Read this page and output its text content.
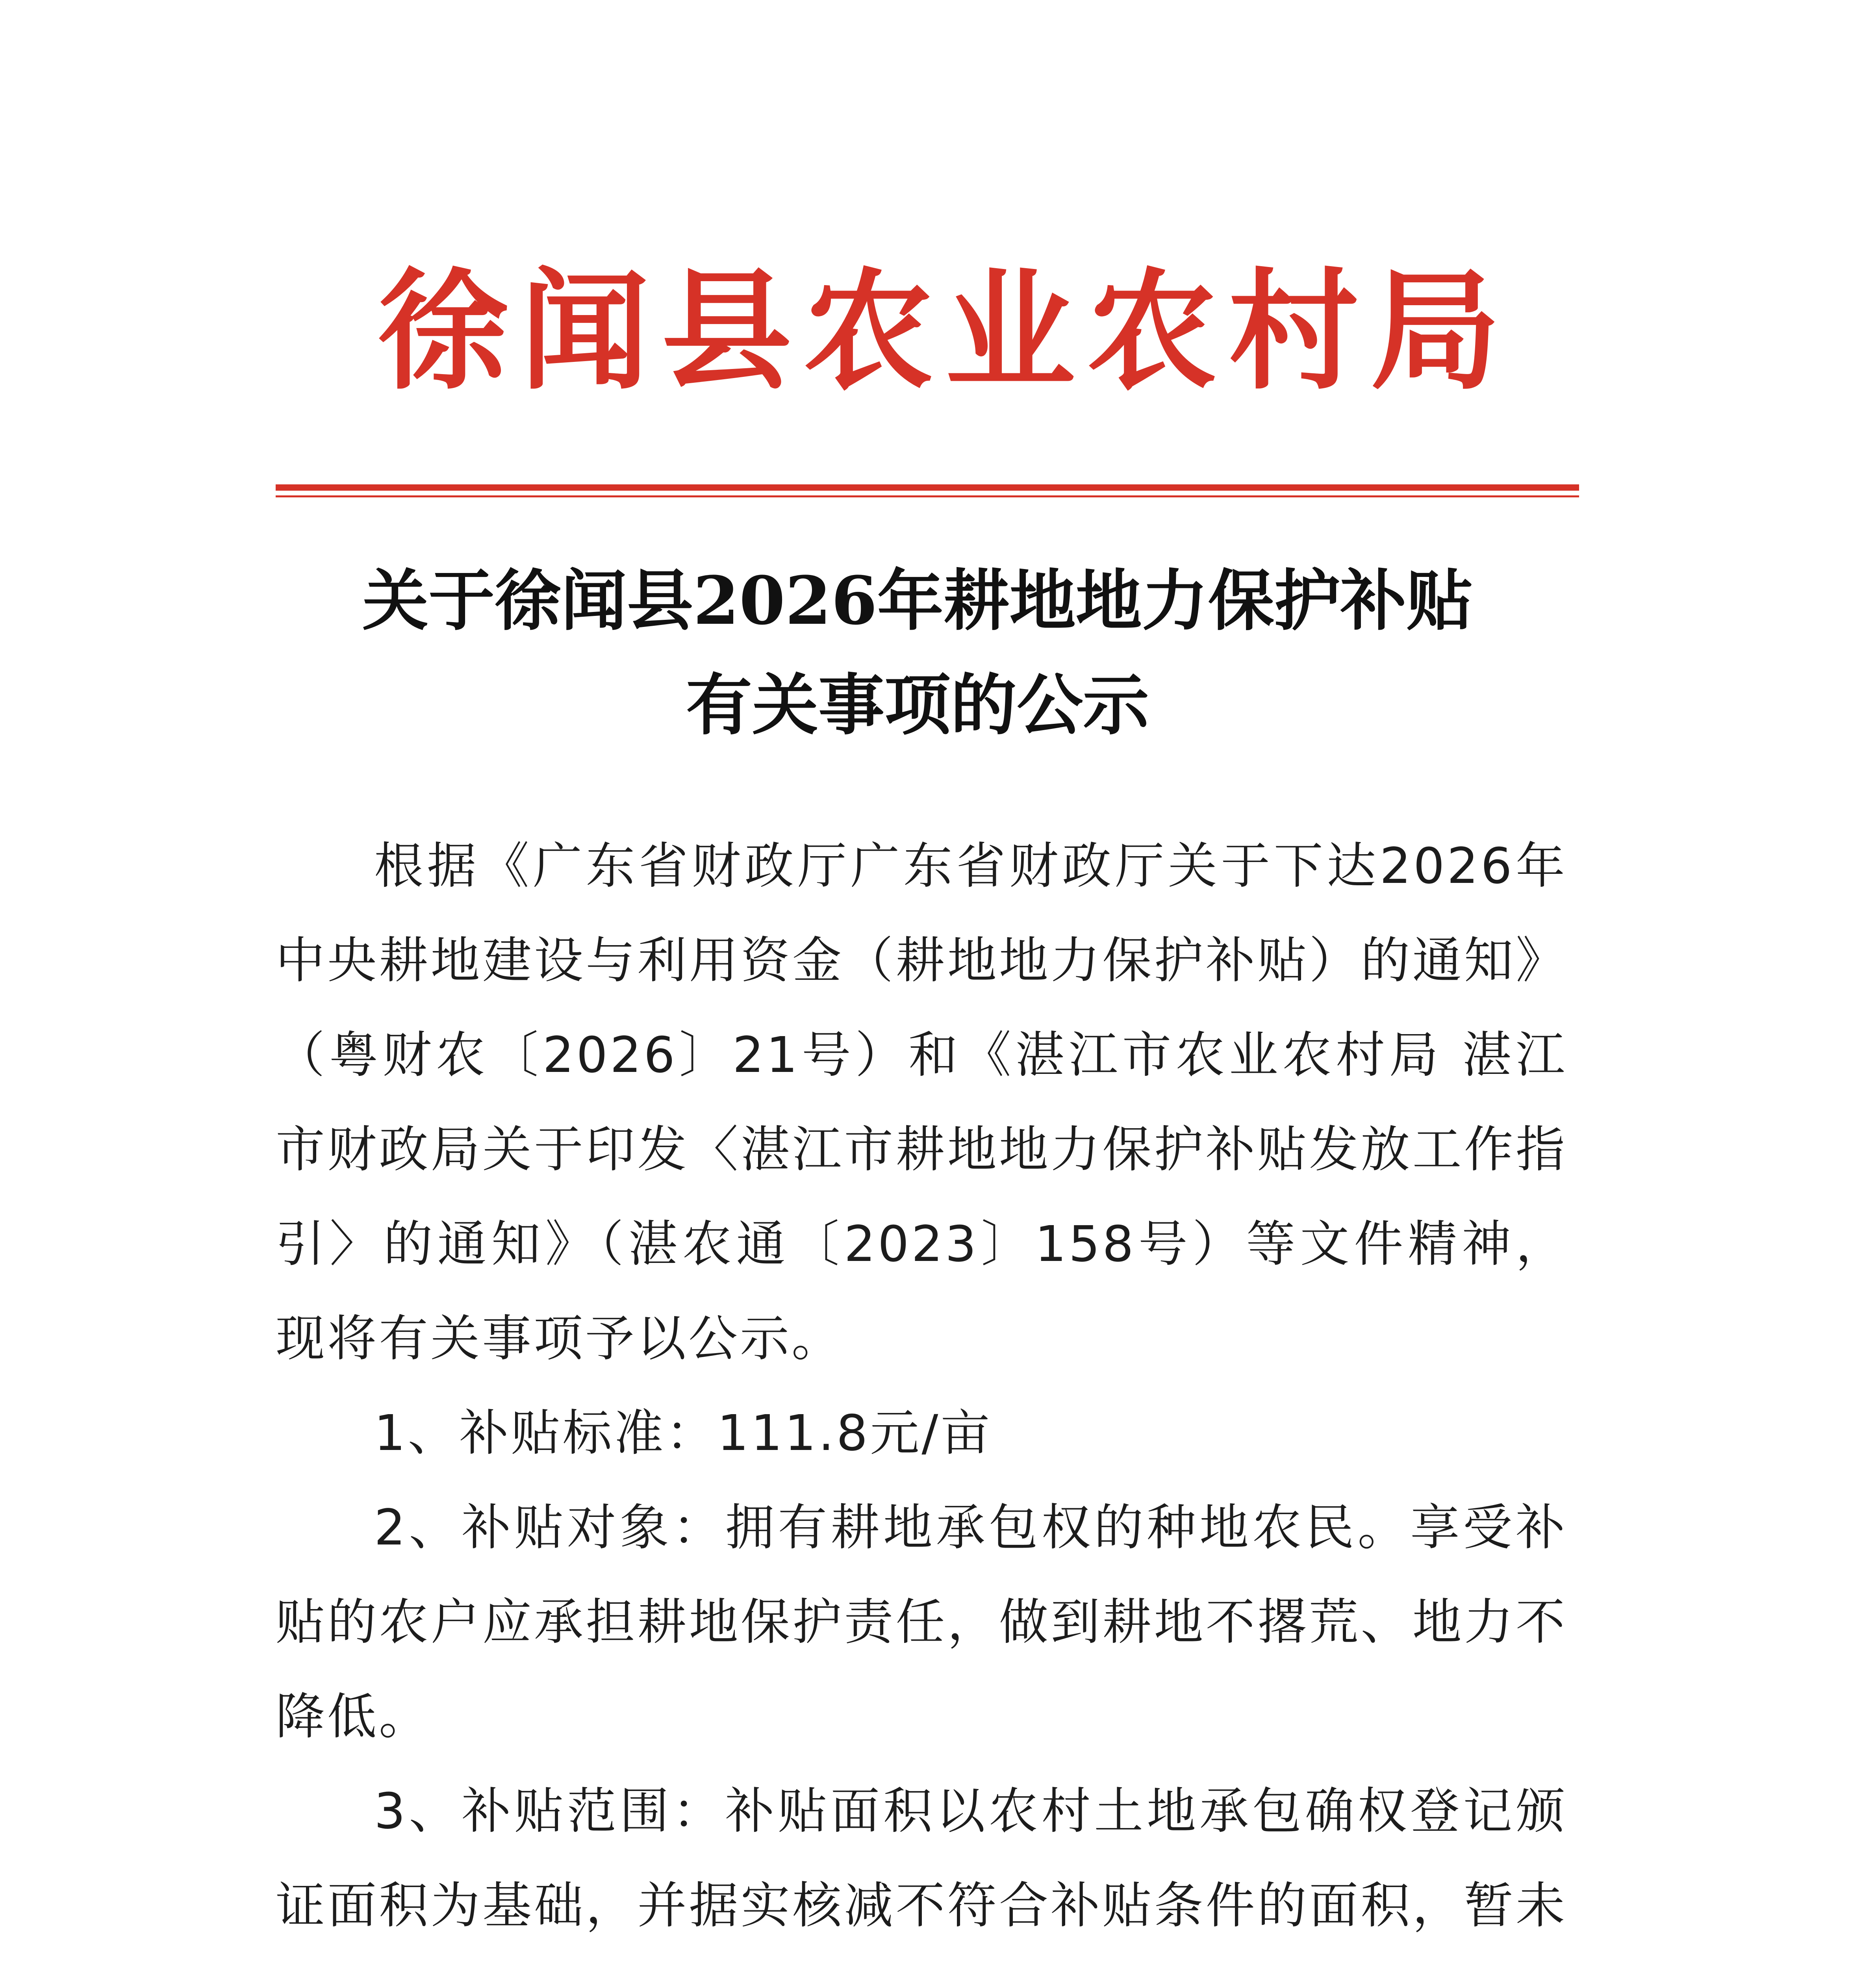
徐闻县农业农村局
关于徐闻县2026年耕地地力保护补贴
有关事项的公示

根据《广东省财政厅广东省财政厅关于下达2026年中央耕地建设与利用资金（耕地地力保护补贴）的通知》（粤财农〔2026〕21号）和《湛江市农业农村局 湛江市财政局关于印发〈湛江市耕地地力保护补贴发放工作指引〉的通知》（湛农通〔2023〕158号）等文件精神，现将有关事项予以公示。

1、补贴标准：111.8元/亩

2、补贴对象：拥有耕地承包权的种地农民。享受补贴的农户应承担耕地保护责任，做到耕地不撂荒、地力不降低。

3、补贴范围：补贴面积以农村土地承包确权登记颁证面积为基础，并据实核减不符合补贴条件的面积，暂未
